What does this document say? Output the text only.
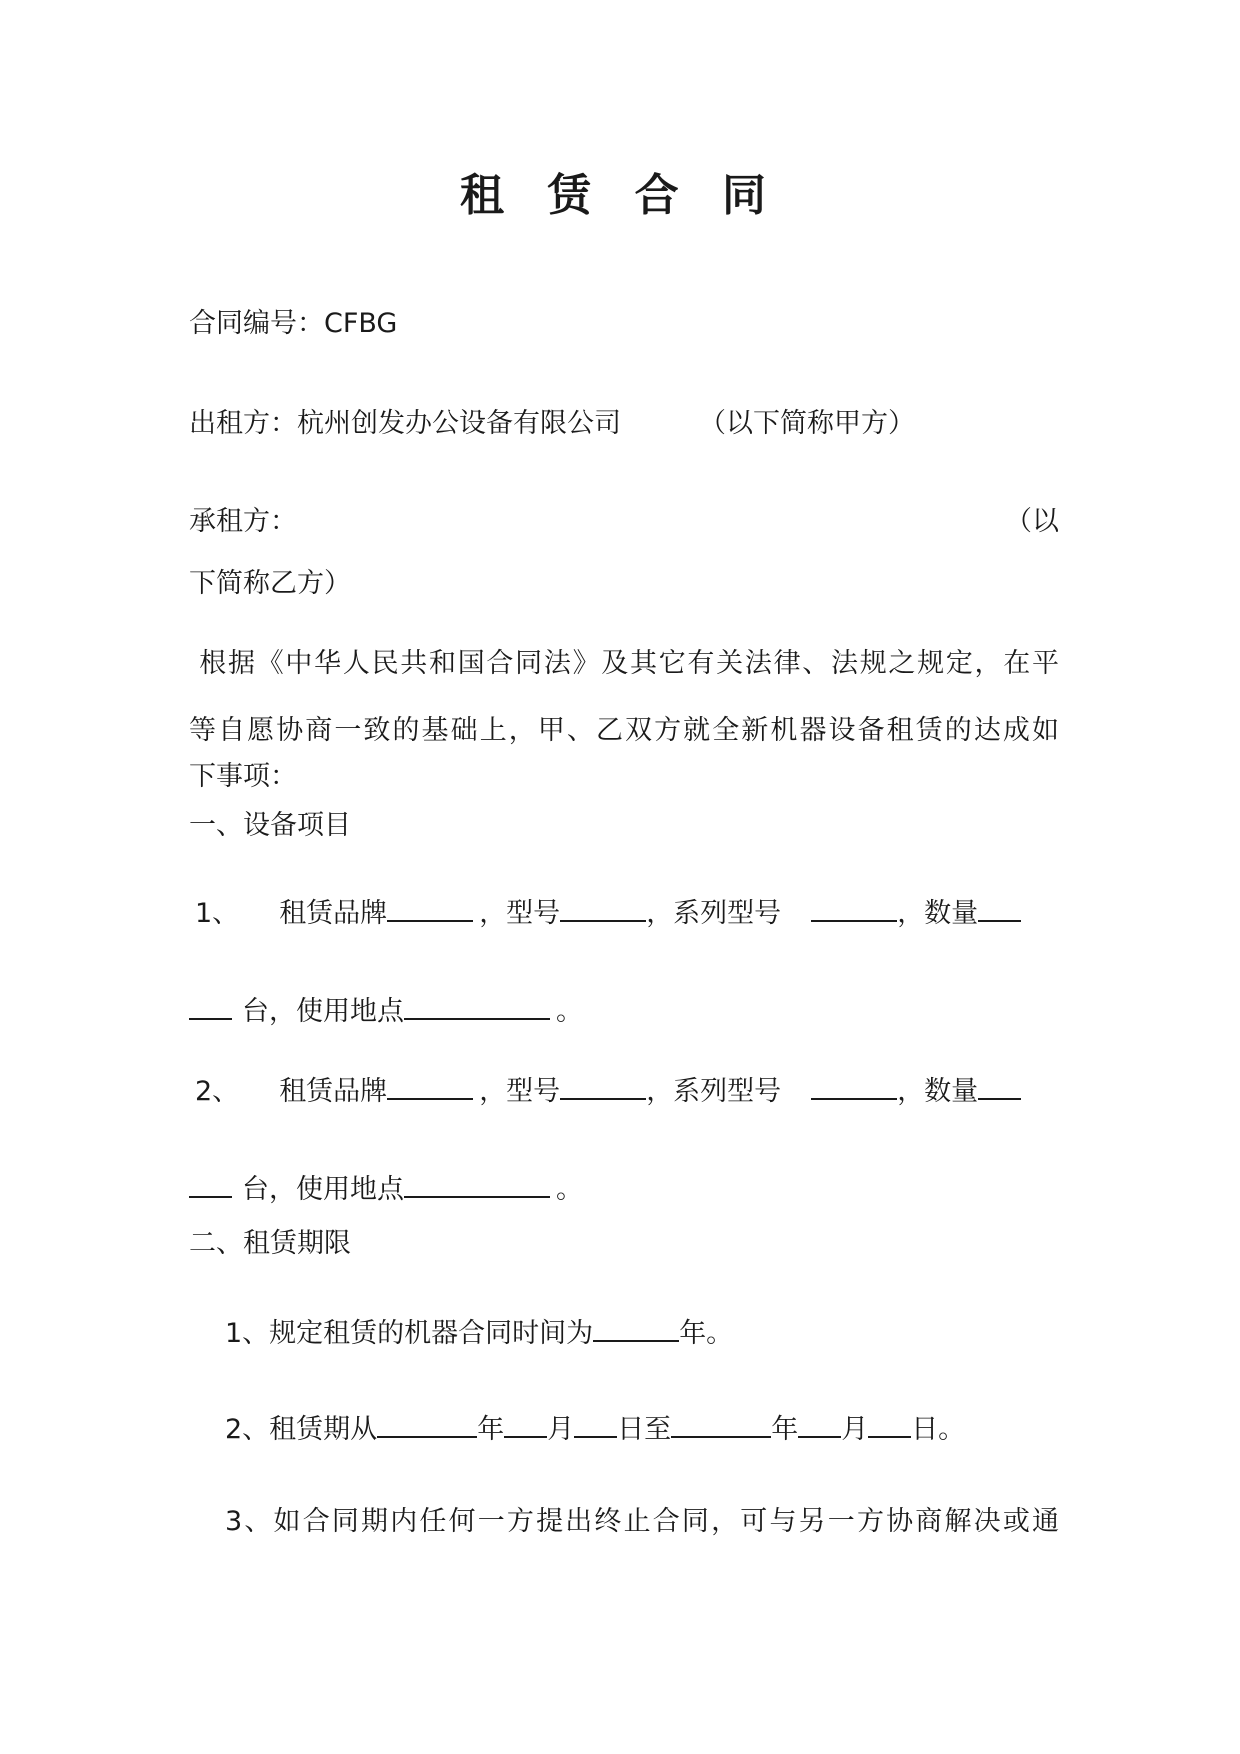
租 赁 合 同
合同编号：CFBG
出租方：杭州创发办公设备有限公司	（以下简称甲方）
承租方：	（以
下简称乙方）
根据《中华人民共和国合同法》及其它有关法律、法规之规定，在平
等自愿协商一致的基础上，甲、乙双方就全新机器设备租赁的达成如
下事项：
一、设备项目
1、 租赁品牌	，型号	，系列型号	，数量
台，使用地点	。
2、 租赁品牌	，型号	，系列型号	，数量
台，使用地点	。
二、租赁期限
1、规定租赁的机器合同时间为	年。
2、租赁期从	年 月 日至	年 月 日。
3、如合同期内任何一方提出终止合同，可与另一方协商解决或通
